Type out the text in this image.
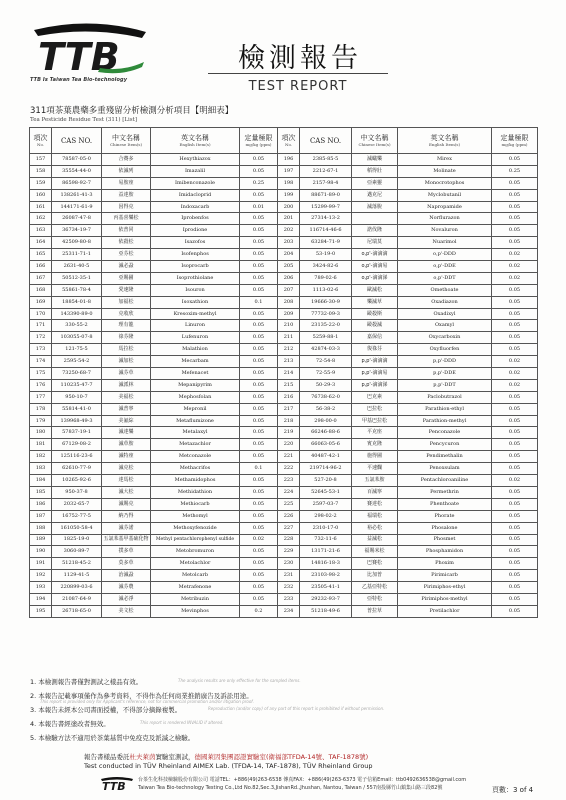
TTB
TTB Is Taiwan Tea Bio-technology
檢測報告
TEST REPORT
311項茶葉農藥多重殘留分析檢測分析項目【明細表】
Tea Pesticide Residue Test (311) [List]
項次
No.	CAS NO.	中文名稱
Chinese Item(s)	英文名稱
English Item(s)	定量極限
mg/kg (ppm)	項次
No.	CAS NO.	中文名稱
Chinese Item(s)	英文名稱
English Item(s)	定量極限
mg/kg (ppm)

157	78587-05-0	合賽多	Hexythiazox	0.05	196	2385-85-5	滅蟻樂	Mirex	0.05
158	35554-44-0	依滅列	Imazalil	0.05	197	2212-67-1	稻得壯	Molinate	0.25
159	86598-92-7	易胺座	Imibenconazole	0.25	198	2157-98-4	亞素靈	Monocrotophos	0.05
160	138261-41-3	益達胺	Imidacloprid	0.05	199	88671-89-0	邁克尼	Myclobutanil	0.05
161	144171-61-9	因得克	Indoxacarb	0.01	200	15299-99-7	滅落脫	Napropamide	0.05
162	26087-47-8	丙基喜樂松	Iprobenfos	0.05	201	27314-13-2		Norflurazon	0.05
163	36734-19-7	依普同	Iprodione	0.05	202	116714-46-6	諾伐隆	Novaluron	0.05
164	42509-80-8	依殺松	Isazofos	0.05	203	63284-71-9	尼瑞莫	Nuarimol	0.05
165	25311-71-1	亞芬松	Isofenphos	0.05	204	53-19-0	o,p'-滴滴滴	o,p'-DDD	0.02
166	2631-40-5	滅必蝨	Isoprocarb	0.05	205	3424-82-6	o,p'-滴滴易	o,p'-DDE	0.02
167	50512-35-1	亞賜圃	Isoprothiolane	0.05	206	789-02-6	o,p'-滴滴涕	o,p'-DDT	0.02
168	55861-78-4	愛速隆	Isouron	0.05	207	1113-02-6	歐滅松	Omethoate	0.05
169	18854-01-8	加福松	Isoxathion	0.1	208	19666-30-9	樂滅草	Oxadiazon	0.05
170	143390-89-0	克收欣	Kresoxim-methyl	0.05	209	77732-09-3	毆殺斯	Oxadixyl	0.05
171	330-55-2	理有龍	Linuron	0.05	210	23135-22-0	毆殺滅	Oxamyl	0.05
172	103055-07-8	祿芬隆	Lufenuron	0.05	211	5259-88-1	嘉保信	Oxycarboxin	0.05
173	121-75-5	馬拉松	Malathion	0.05	212	42874-03-3	復祿芬	Oxyfluorfen	0.05
174	2595-54-2	滅加松	Mecarbam	0.05	213	72-54-8	p,p'-滴滴滴	p,p'-DDD	0.02
175	73250-68-7	滅芬草	Mefenacet	0.05	214	72-55-9	p,p'-滴滴易	p,p'-DDE	0.02
176	110235-47-7	滅派林	Mepanipyrim	0.05	215	50-29-3	p,p'-滴滴涕	p,p'-DDT	0.02
177	950-10-7	美福松	Mephosfolan	0.05	216	76738-62-0	巴克素	Paclobutrazol	0.05
178	55814-41-0	滅普寧	Mepronil	0.05	217	56-38-2	巴拉松	Parathion-ethyl	0.05
179	139968-49-3	美氟綜	Metaflumizone	0.05	218	298-00-0	甲基巴拉松	Parathion-methyl	0.05
180	57837-19-1	滅達樂	Metalaxyl	0.05	219	66246-88-6	平克座	Penconazole	0.05
181	67129-08-2	滅草胺	Metazachlor	0.05	220	66063-05-6	賓克隆	Pencycuron	0.05
182	125116-23-6	滅特座	Metconazole	0.05	221	40487-42-1	施得圃	Pendimethalin	0.05
183	62610-77-9	滅克松	Methacrifos	0.1	222	219714-96-2	平速爛	Penoxsulam	0.05
184	10265-92-6	達馬松	Methamidophos	0.05	223	527-20-8	五氯苯胺	Pentachloroaniline	0.02
185	950-37-8	滅大松	Methidathion	0.05	224	52645-53-1	百滅寧	Permethrin	0.05
186	2032-65-7	滅賜克	Methiocarb	0.05	225	2597-03-7	賽達松	Phenthoate	0.05
187	16752-77-5	納乃得	Methomyl	0.05	226	298-02-2	福瑞松	Phorate	0.05
188	161050-58-4	滅芬諾	Methoxyfenozide	0.05	227	2310-17-0	裕必松	Phosalone	0.05
189	1825-19-0	五氯苯基甲基硫化物	Methyl pentachlorophenyl sulfide	0.02	228	732-11-6	益滅松	Phosmet	0.05
190	3060-89-7	撲多草	Metobromuron	0.05	229	13171-21-6	福賜米松	Phosphamidon	0.05
191	51218-45-2	莫多草	Metolachlor	0.05	230	14816-18-3	巴賽松	Phoxim	0.05
192	1129-41-5	治滅蝨	Metolcarb	0.05	231	23103-98-2	比加普	Pirimicarb	0.05
193	220899-03-6	滅芬農	Metrafenone	0.05	232	23505-41-1	乙基亞特松	Pirimiphos-ethyl	0.05
194	21087-64-9	滅必淨	Metribuzin	0.05	233	29232-93-7	亞特松	Pirimiphos-methyl	0.05
195	26718-65-0	美文松	Mevinphos	0.2	234	51218-49-6	普拉草	Pretilachlor	0.05
1. 本檢測報告書僅對測試之樣品有效。	The analysis results are only effective for the sampled items.
2. 本報告記載事項僅作為參考資料，不得作為任何商業推銷廣告及訴訟用途。
This report is provided only for Applicant's reference, not for commercial promotion and/or litigation proof.
3. 本報告未經本公司書面授權，不得部分摘錄複製。	Reproduction (and/or copy) of any part of this report is prohibited if without permission.
4. 本報告書經塗改者無效。	This report is rendered INVALID if altered.
5. 本檢驗方法不適用於茶葉基質中免疫克及派滅之檢驗。
報告書樣品委託杜夫萊茵實驗室測試，德國萊因集團認證實驗室(衛福部TFDA-14號、TAF-1878號)
Test conducted in TÜV Rheinland AIMEX Lab. (TFDA-14, TAF-1878), TÜV Rheinland Group
TTB 台茶生化科技檢驗股份有限公司 電話TEL：+886(49)263-6538 傳真FAX：+886(49)263-6373 電子信箱Email：ttb049263653​8@gmail.com
Taiwan Tea Bio-technology Testing Co.,Ltd No.82,Sec.3,JishanRd.,Jhushan, Nantou, Taiwan / 557南投縣竹山鎮集山路三段82號	頁數：3 of 4
